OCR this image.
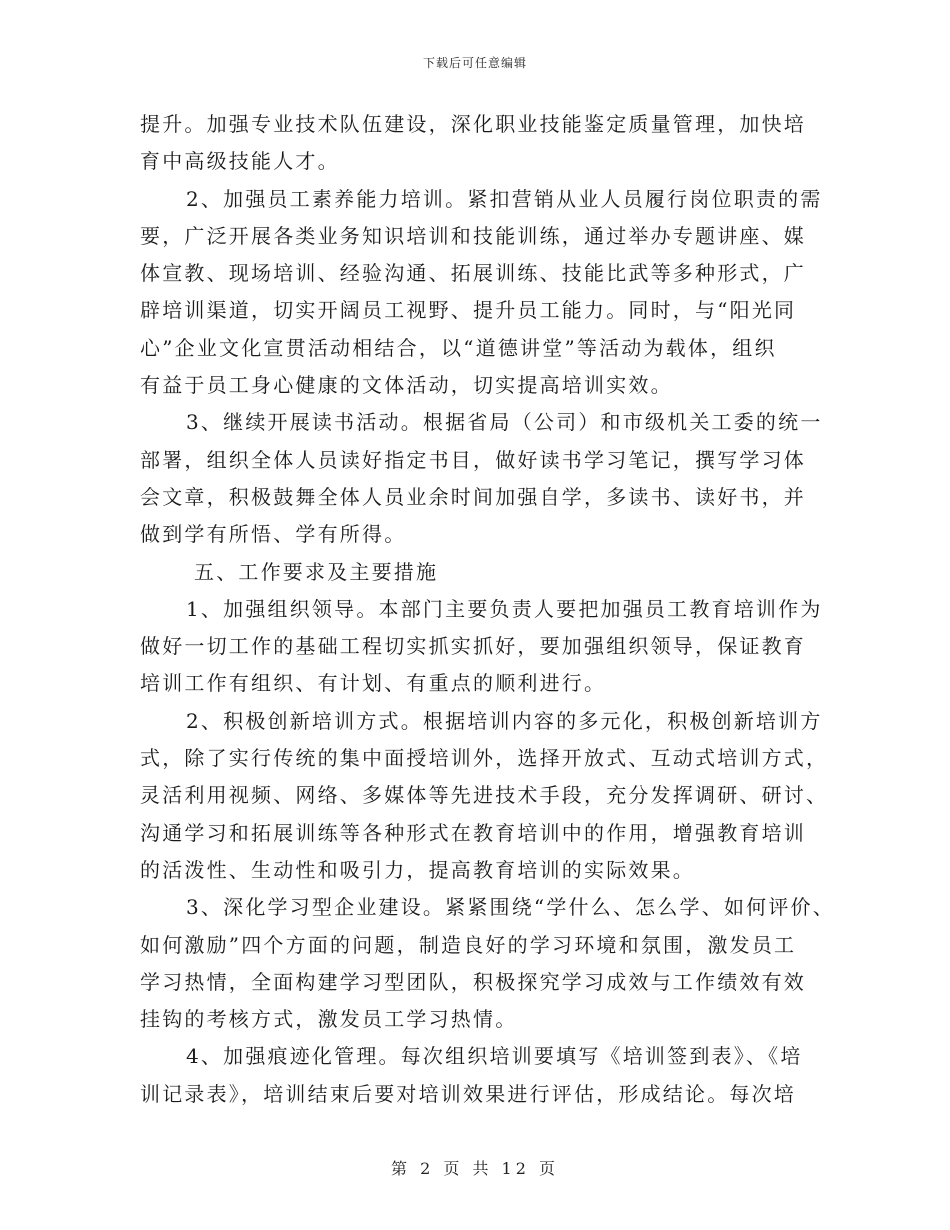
下载后可任意编辑
提升。加强专业技术队伍建设，深化职业技能鉴定质量管理，加快培
育中高级技能人才。
2、加强员工素养能力培训。紧扣营销从业人员履行岗位职责的需
要，广泛开展各类业务知识培训和技能训练，通过举办专题讲座、媒
体宣教、现场培训、经验沟通、拓展训练、技能比武等多种形式，广
辟培训渠道，切实开阔员工视野、提升员工能力。同时，与“阳光同
心”企业文化宣贯活动相结合，以“道德讲堂”等活动为载体，组织
有益于员工身心健康的文体活动，切实提高培训实效。
3、继续开展读书活动。根据省局（公司）和市级机关工委的统一
部署，组织全体人员读好指定书目，做好读书学习笔记，撰写学习体
会文章，积极鼓舞全体人员业余时间加强自学，多读书、读好书，并
做到学有所悟、学有所得。
五、工作要求及主要措施
1、加强组织领导。本部门主要负责人要把加强员工教育培训作为
做好一切工作的基础工程切实抓实抓好，要加强组织领导，保证教育
培训工作有组织、有计划、有重点的顺利进行。
2、积极创新培训方式。根据培训内容的多元化，积极创新培训方
式，除了实行传统的集中面授培训外，选择开放式、互动式培训方式，
灵活利用视频、网络、多媒体等先进技术手段，充分发挥调研、研讨、
沟通学习和拓展训练等各种形式在教育培训中的作用，增强教育培训
的活泼性、生动性和吸引力，提高教育培训的实际效果。
3、深化学习型企业建设。紧紧围绕“学什么、怎么学、如何评价、
如何激励”四个方面的问题，制造良好的学习环境和氛围，激发员工
学习热情，全面构建学习型团队，积极探究学习成效与工作绩效有效
挂钩的考核方式，激发员工学习热情。
4、加强痕迹化管理。每次组织培训要填写《培训签到表》、《培
训记录表》，培训结束后要对培训效果进行评估，形成结论。每次培
第 2 页 共 12 页
